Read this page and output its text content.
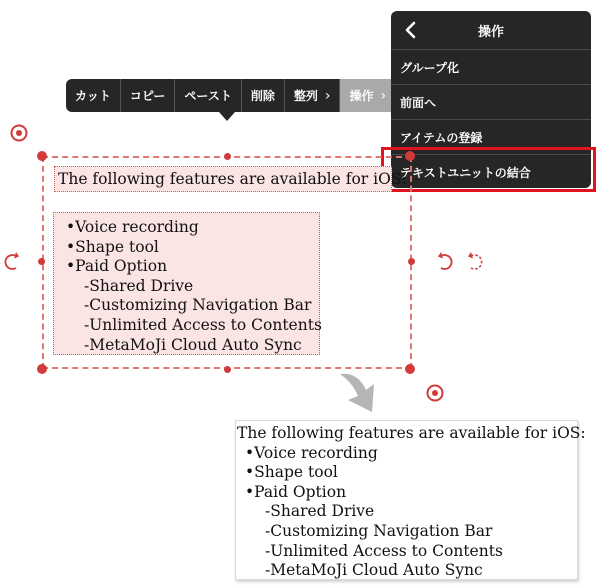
カット コピー ペースト 削除 整列 › 操作 ›
操作
グループ化
前面へ
アイテムの登録
テキストユニットの結合
The following features are available for iOS:
•Voice recording
•Shape tool
•Paid Option
-Shared Drive
-Customizing Navigation Bar
-Unlimited Access to Contents
-MetaMoJi Cloud Auto Sync
The following features are available for iOS:
•Voice recording
•Shape tool
•Paid Option
-Shared Drive
-Customizing Navigation Bar
-Unlimited Access to Contents
-MetaMoJi Cloud Auto Sync
